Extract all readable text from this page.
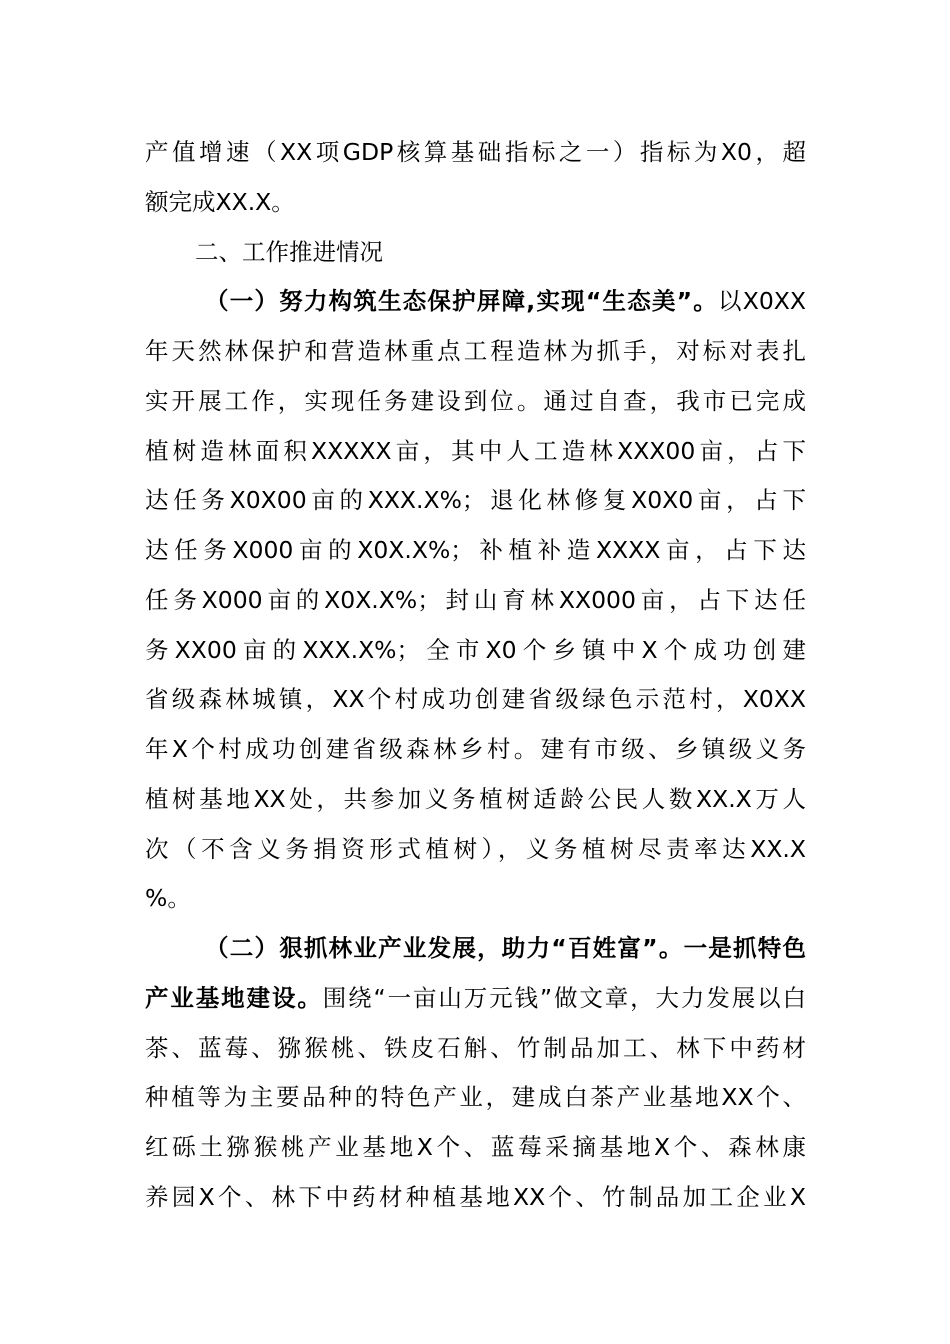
产值增速（XX项GDP核算基础指标之一）指标为X0，超
额完成XX.X。
二、工作推进情况
（一）努力构筑生态保护屏障,实现“生态美”。以X0XX
年天然林保护和营造林重点工程造林为抓手，对标对表扎
实开展工作，实现任务建设到位。通过自查，我市已完成
植树造林面积XXXXX亩，其中人工造林XXX00亩，占下
达任务X0X00亩的XXX.X%；退化林修复X0X0亩，占下
达任务X000亩的X0X.X%；补植补造XXXX亩，占下达
任务X000亩的X0X.X%；封山育林XX000亩，占下达任
务XX00亩的XXX.X%；全市X0个乡镇中X个成功创建
省级森林城镇，XX个村成功创建省级绿色示范村，X0XX
年X个村成功创建省级森林乡村。建有市级、乡镇级义务
植树基地XX处，共参加义务植树适龄公民人数XX.X万人
次（不含义务捐资形式植树），义务植树尽责率达XX.X
%。
（二）狠抓林业产业发展，助力“百姓富”。一是抓特色
产业基地建设。围绕“一亩山万元钱”做文章，大力发展以白
茶、蓝莓、猕猴桃、铁皮石斛、竹制品加工、林下中药材
种植等为主要品种的特色产业，建成白茶产业基地XX个、
红砾土猕猴桃产业基地X个、蓝莓采摘基地X个、森林康
养园X个、林下中药材种植基地XX个、竹制品加工企业X
